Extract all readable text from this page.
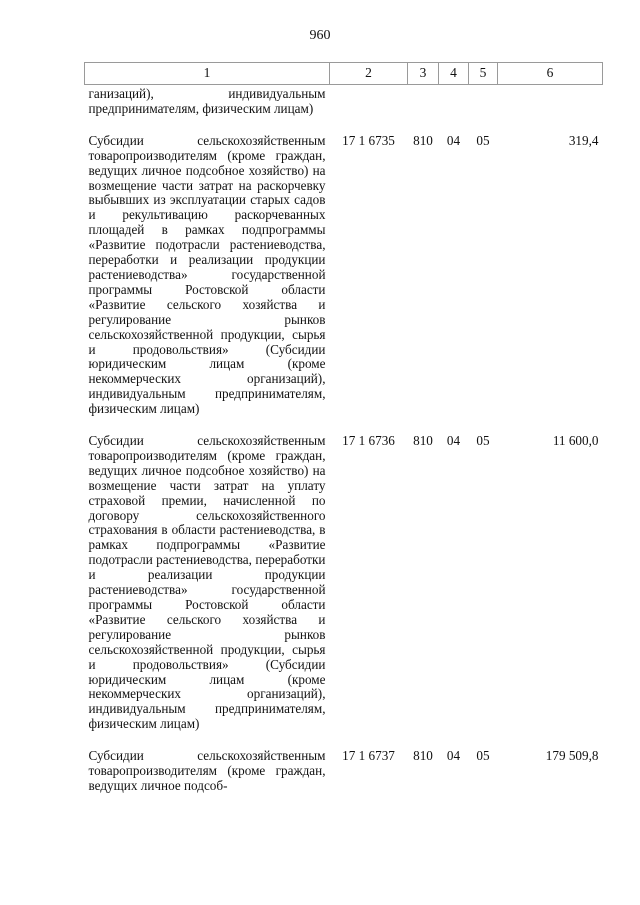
960
1	2	3	4	5	6
ганизаций), индивидуальным предпринимателям, физическим лицам)					
Субсидии сельскохозяйственным товаропроизводителям (кроме граждан, ведущих личное подсобное хозяйство) на возмещение части затрат на раскорчевку выбывших из эксплуатации старых садов и рекультивацию раскорчеванных площадей в рамках подпрограммы «Развитие подотрасли растениеводства, переработки и реализации продукции растениеводства» государственной программы Ростовской области «Развитие сельского хозяйства и регулирование рынков сельскохозяйственной продукции, сырья и продовольствия» (Субсидии юридическим лицам (кроме некоммерческих организаций), индивидуальным предпринимателям, физическим лицам)	17 1 6735	810	04	05	319,4
Субсидии сельскохозяйственным товаропроизводителям (кроме граждан, ведущих личное подсобное хозяйство) на возмещение части затрат на уплату страховой премии, начисленной по договору сельскохозяйственного страхования в области растениеводства, в рамках подпрограммы «Развитие подотрасли растениеводства, переработки и реализации продукции растениеводства» государственной программы Ростовской области «Развитие сельского хозяйства и регулирование рынков сельскохозяйственной продукции, сырья и продовольствия» (Субсидии юридическим лицам (кроме некоммерческих организаций), индивидуальным предпринимателям, физическим лицам)	17 1 6736	810	04	05	11 600,0
Субсидии сельскохозяйственным товаропроизводителям (кроме граждан, ведущих личное подсоб-	17 1 6737	810	04	05	179 509,8
